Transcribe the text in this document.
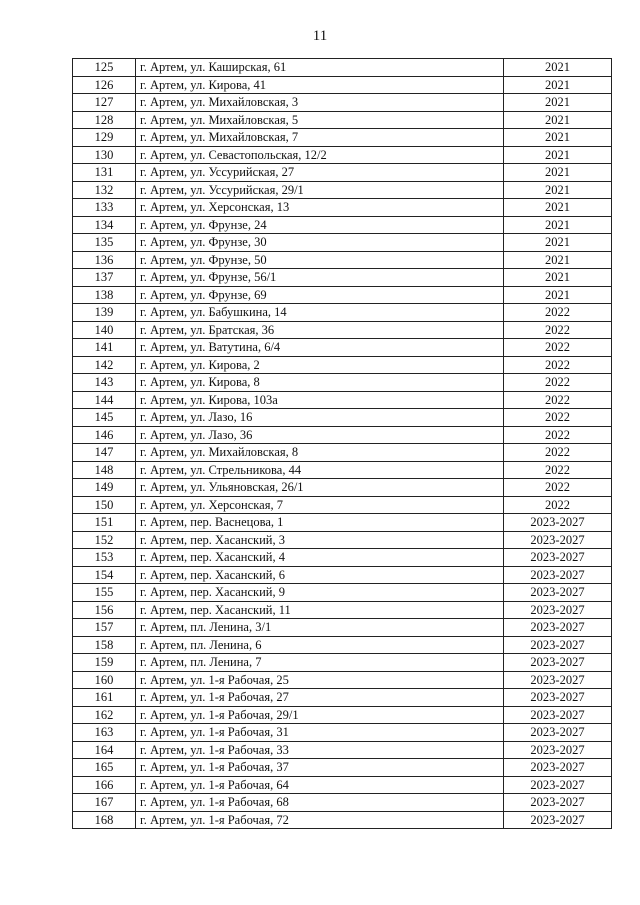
11
125	г. Артем, ул. Каширская, 61	2021
126	г. Артем, ул. Кирова, 41	2021
127	г. Артем, ул. Михайловская, 3	2021
128	г. Артем, ул. Михайловская, 5	2021
129	г. Артем, ул. Михайловская, 7	2021
130	г. Артем, ул. Севастопольская, 12/2	2021
131	г. Артем, ул. Уссурийская, 27	2021
132	г. Артем, ул. Уссурийская, 29/1	2021
133	г. Артем, ул. Херсонская, 13	2021
134	г. Артем, ул. Фрунзе, 24	2021
135	г. Артем, ул. Фрунзе, 30	2021
136	г. Артем, ул. Фрунзе, 50	2021
137	г. Артем, ул. Фрунзе, 56/1	2021
138	г. Артем, ул. Фрунзе, 69	2021
139	г. Артем, ул. Бабушкина, 14	2022
140	г. Артем, ул. Братская, 36	2022
141	г. Артем, ул. Ватутина, 6/4	2022
142	г. Артем, ул. Кирова, 2	2022
143	г. Артем, ул. Кирова, 8	2022
144	г. Артем, ул. Кирова, 103а	2022
145	г. Артем, ул. Лазо, 16	2022
146	г. Артем, ул. Лазо, 36	2022
147	г. Артем, ул. Михайловская, 8	2022
148	г. Артем, ул. Стрельникова, 44	2022
149	г. Артем, ул. Ульяновская, 26/1	2022
150	г. Артем, ул. Херсонская, 7	2022
151	г. Артем, пер. Васнецова, 1	2023-2027
152	г. Артем, пер. Хасанский, 3	2023-2027
153	г. Артем, пер. Хасанский, 4	2023-2027
154	г. Артем, пер. Хасанский, 6	2023-2027
155	г. Артем, пер. Хасанский, 9	2023-2027
156	г. Артем, пер. Хасанский, 11	2023-2027
157	г. Артем, пл. Ленина, 3/1	2023-2027
158	г. Артем, пл. Ленина, 6	2023-2027
159	г. Артем, пл. Ленина, 7	2023-2027
160	г. Артем, ул. 1-я Рабочая, 25	2023-2027
161	г. Артем, ул. 1-я Рабочая, 27	2023-2027
162	г. Артем, ул. 1-я Рабочая, 29/1	2023-2027
163	г. Артем, ул. 1-я Рабочая, 31	2023-2027
164	г. Артем, ул. 1-я Рабочая, 33	2023-2027
165	г. Артем, ул. 1-я Рабочая, 37	2023-2027
166	г. Артем, ул. 1-я Рабочая, 64	2023-2027
167	г. Артем, ул. 1-я Рабочая, 68	2023-2027
168	г. Артем, ул. 1-я Рабочая, 72	2023-2027
